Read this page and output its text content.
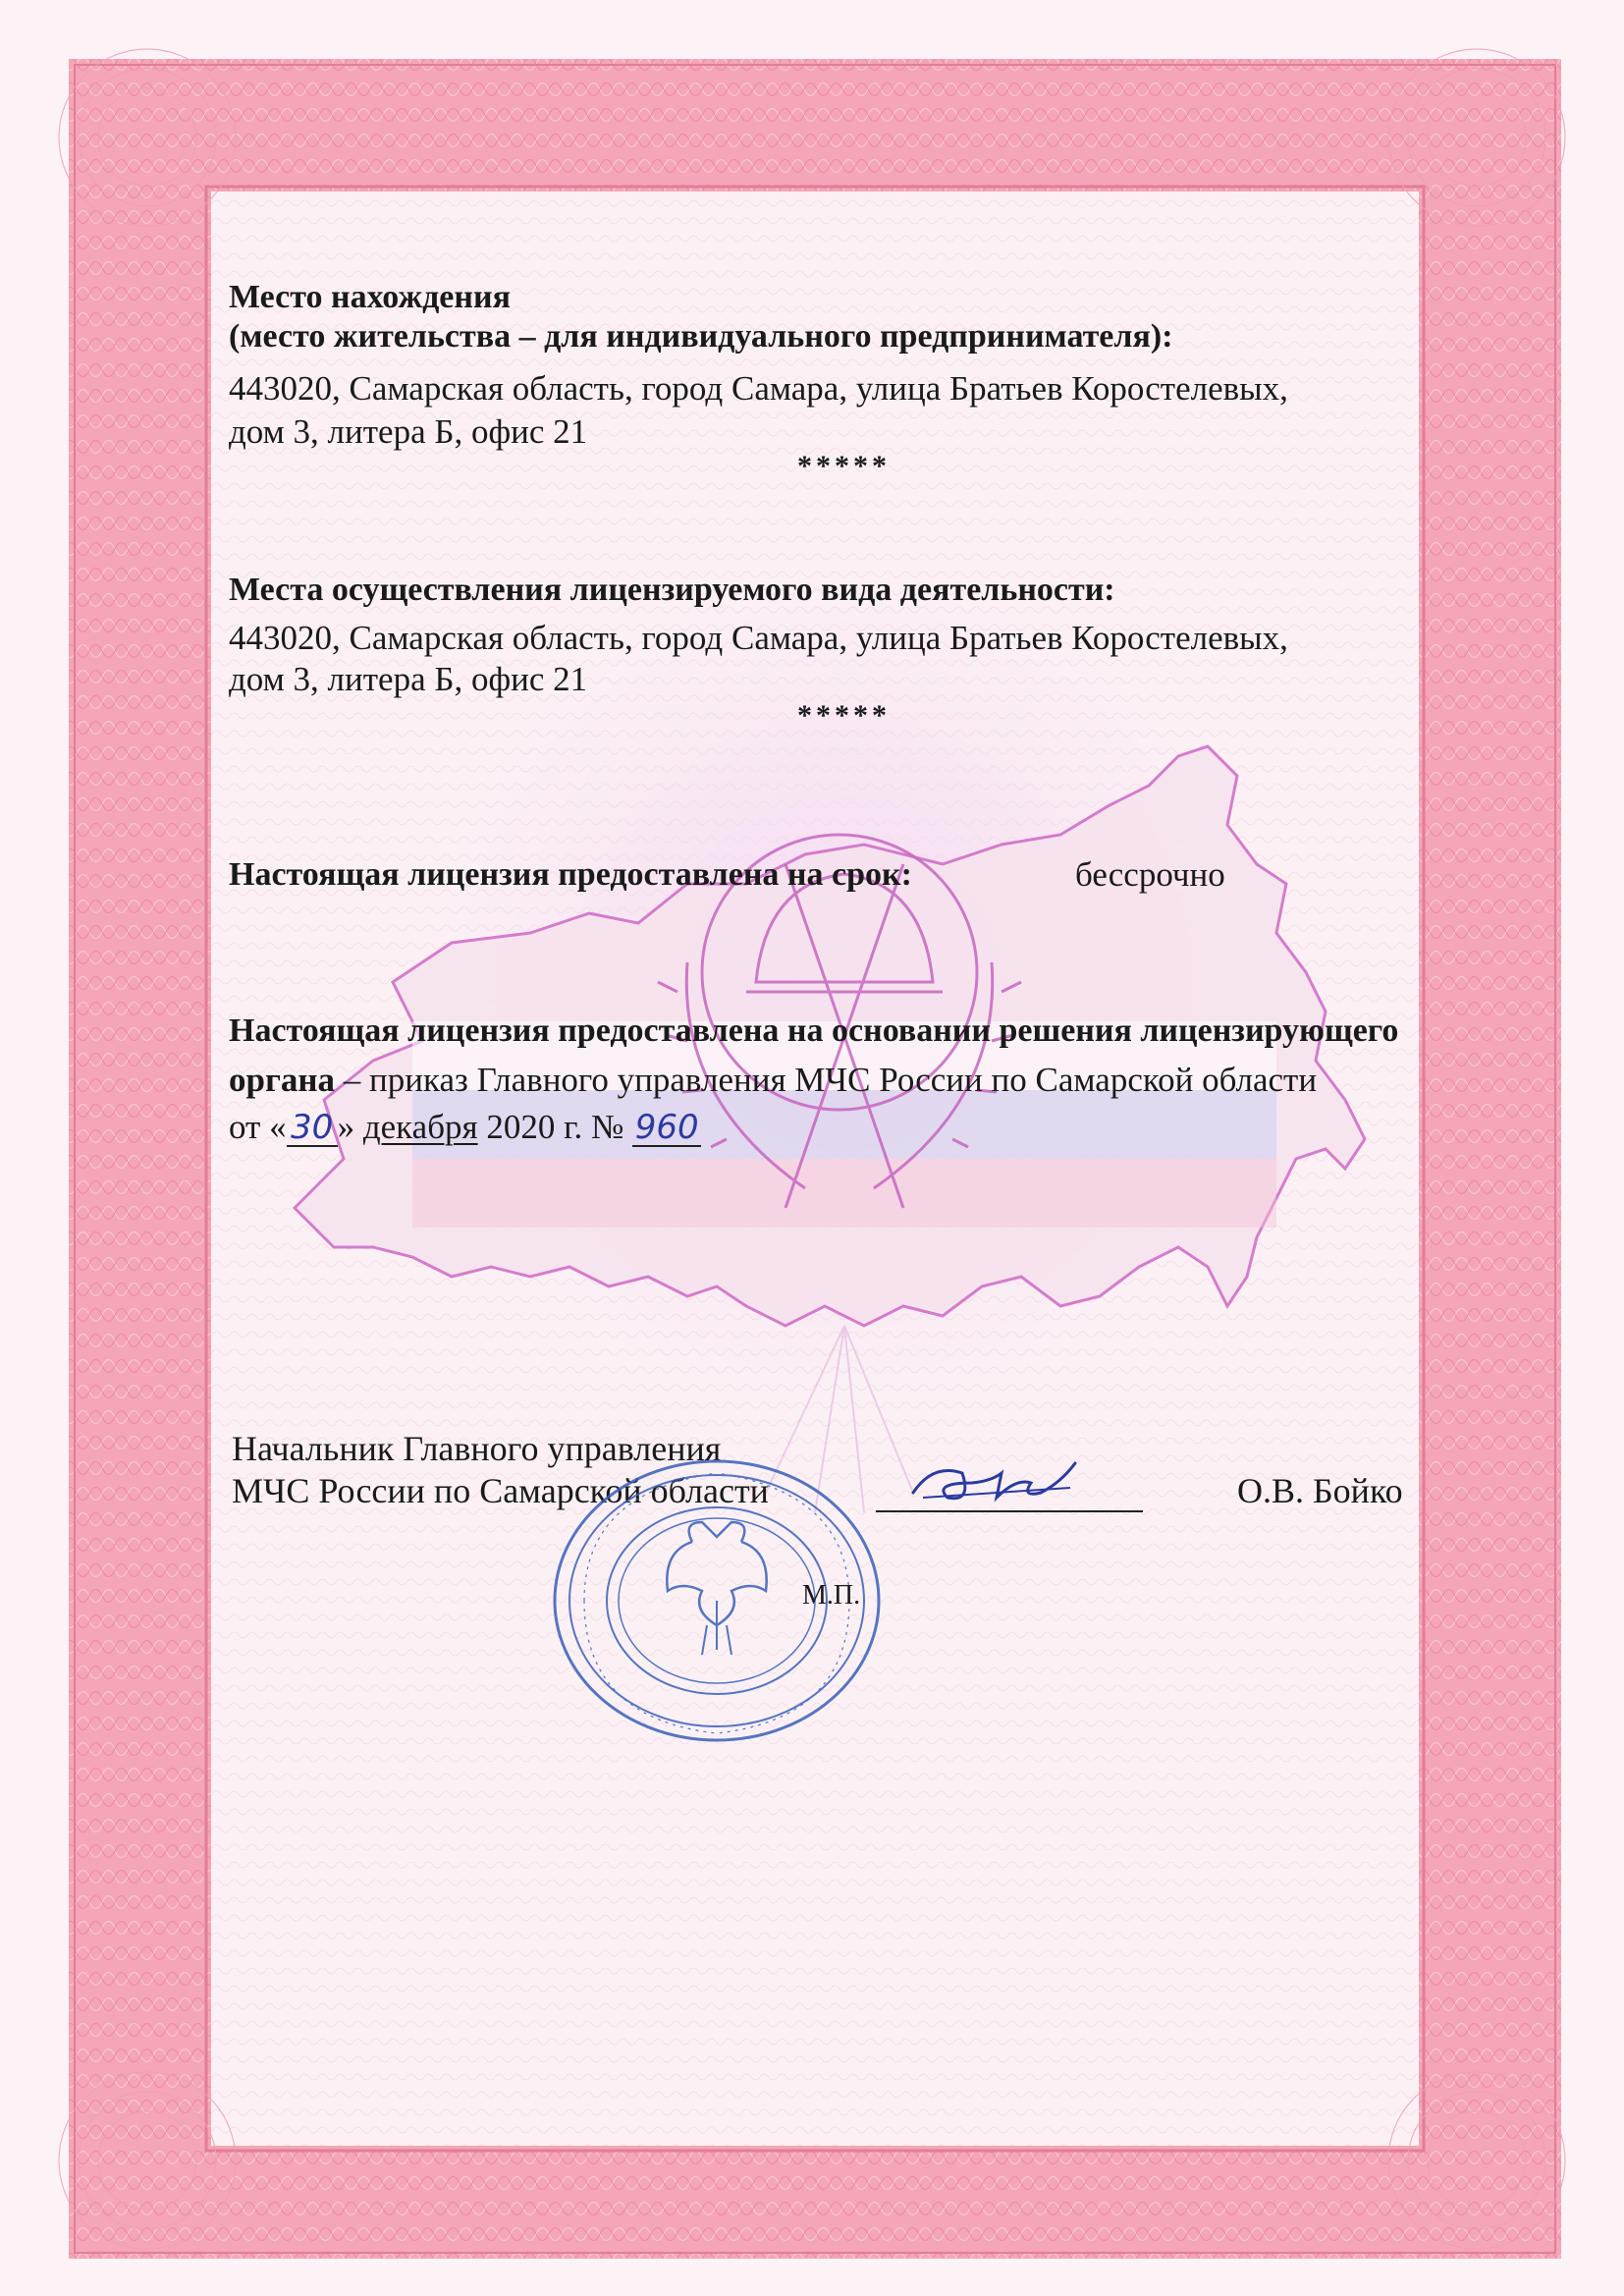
Место нахождения
(место жительства – для индивидуального предпринимателя):
443020, Самарская область, город Самара, улица Братьев Коростелевых,
дом 3, литера Б, офис 21
*****
Места осуществления лицензируемого вида деятельности:
443020, Самарская область, город Самара, улица Братьев Коростелевых,
дом 3, литера Б, офис 21
*****
Настоящая лицензия предоставлена на срок:	бессрочно
Настоящая лицензия предоставлена на основании решения лицензирующего
органа – приказ Главного управления МЧС России по Самарской области
от « 30 » декабря 2020 г. № 960
Начальник Главного управления
МЧС России по Самарской области	О.В. Бойко
М.П.
